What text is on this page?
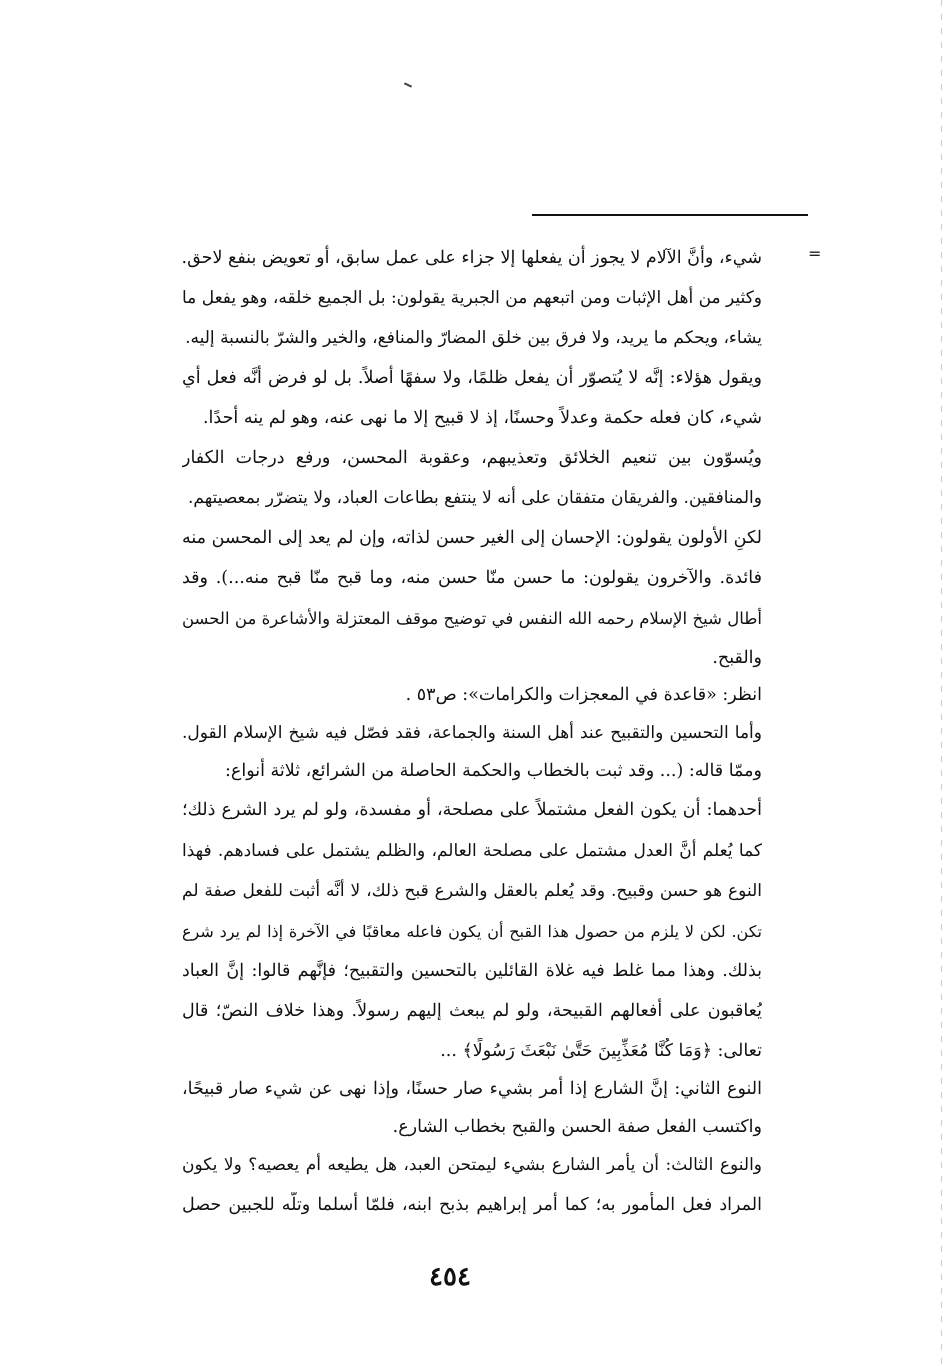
=
شيء، وأنَّ الآلام لا يجوز أن يفعلها إلا جزاء على عمل سابق، أو تعويض بنفع لاحق.
وكثير من أهل الإثبات ومن اتبعهم من الجبرية يقولون: بل الجميع خلقه، وهو يفعل ما
يشاء، ويحكم ما يريد، ولا فرق بين خلق المضارّ والمنافع، والخير والشرّ بالنسبة إليه.
ويقول هؤلاء: إنَّه لا يُتصوّر أن يفعل ظلمًا، ولا سفهًا أصلاً. بل لو فرض أنَّه فعل أي
شيء، كان فعله حكمة وعدلاً وحسنًا، إذ لا قبيح إلا ما نهى عنه، وهو لم ينه أحدًا.
ويُسوّون بين تنعيم الخلائق وتعذيبهم، وعقوبة المحسن، ورفع درجات الكفار
والمنافقين. والفريقان متفقان على أنه لا ينتفع بطاعات العباد، ولا يتضرّر بمعصيتهم.
لكنِ الأولون يقولون: الإحسان إلى الغير حسن لذاته، وإن لم يعد إلى المحسن منه
فائدة. والآخرون يقولون: ما حسن منّا حسن منه، وما قبح منّا قبح منه...). وقد
أطال شيخ الإسلام رحمه الله النفس في توضيح موقف المعتزلة والأشاعرة من الحسن
والقبح.
انظر: «قاعدة في المعجزات والكرامات»: ص٥٣ .
وأما التحسين والتقبيح عند أهل السنة والجماعة، فقد فصّل فيه شيخ الإسلام القول.
وممّا قاله: (... وقد ثبت بالخطاب والحكمة الحاصلة من الشرائع، ثلاثة أنواع:
أحدهما: أن يكون الفعل مشتملاً على مصلحة، أو مفسدة، ولو لم يرد الشرع ذلك؛
كما يُعلم أنَّ العدل مشتمل على مصلحة العالم، والظلم يشتمل على فسادهم. فهذا
النوع هو حسن وقبيح. وقد يُعلم بالعقل والشرع قبح ذلك، لا أنَّه أثبت للفعل صفة لم
تكن. لكن لا يلزم من حصول هذا القبح أن يكون فاعله معاقبًا في الآخرة إذا لم يرد شرع
بذلك. وهذا مما غلط فيه غلاة القائلين بالتحسين والتقبيح؛ فإنَّهم قالوا: إنَّ العباد
يُعاقبون على أفعالهم القبيحة، ولو لم يبعث إليهم رسولاً. وهذا خلاف النصّ؛ قال
تعالى: ﴿وَمَا كُنَّا مُعَذِّبِينَ حَتَّىٰ نَبْعَثَ رَسُولًا﴾ ...
النوع الثاني: إنَّ الشارع إذا أمر بشيء صار حسنًا، وإذا نهى عن شيء صار قبيحًا،
واكتسب الفعل صفة الحسن والقبح بخطاب الشارع.
والنوع الثالث: أن يأمر الشارع بشيء ليمتحن العبد، هل يطيعه أم يعصيه؟ ولا يكون
المراد فعل المأمور به؛ كما أمر إبراهيم بذبح ابنه، فلمّا أسلما وتلّه للجبين حصل
٤٥٤
